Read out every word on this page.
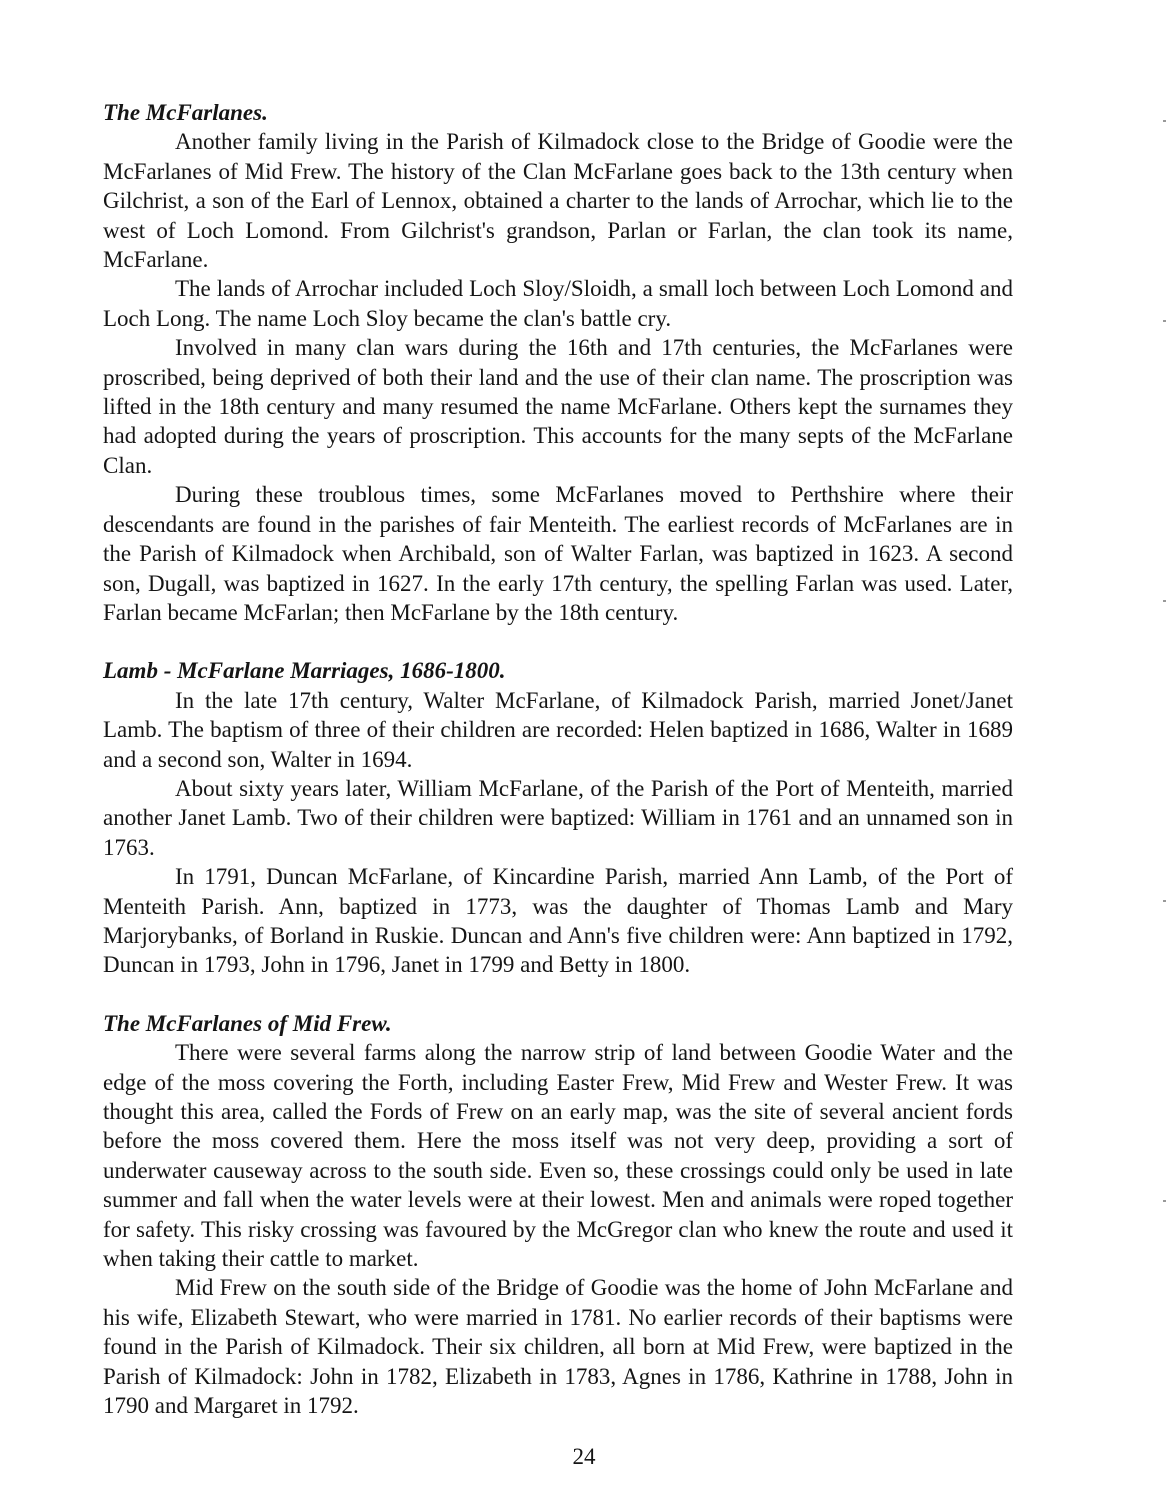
The McFarlanes.

Another family living in the Parish of Kilmadock close to the Bridge of Goodie were the McFarlanes of Mid Frew. The history of the Clan McFarlane goes back to the 13th century when Gilchrist, a son of the Earl of Lennox, obtained a charter to the lands of Arrochar, which lie to the west of Loch Lomond. From Gilchrist's grandson, Parlan or Farlan, the clan took its name, McFarlane.

The lands of Arrochar included Loch Sloy/Sloidh, a small loch between Loch Lomond and Loch Long. The name Loch Sloy became the clan's battle cry.

Involved in many clan wars during the 16th and 17th centuries, the McFarlanes were proscribed, being deprived of both their land and the use of their clan name. The proscription was lifted in the 18th century and many resumed the name McFarlane. Others kept the surnames they had adopted during the years of proscription. This accounts for the many septs of the McFarlane Clan.

During these troublous times, some McFarlanes moved to Perthshire where their descendants are found in the parishes of fair Menteith. The earliest records of McFarlanes are in the Parish of Kilmadock when Archibald, son of Walter Farlan, was baptized in 1623. A second son, Dugall, was baptized in 1627. In the early 17th century, the spelling Farlan was used. Later, Farlan became McFarlan; then McFarlane by the 18th century.

Lamb - McFarlane Marriages, 1686-1800.

In the late 17th century, Walter McFarlane, of Kilmadock Parish, married Jonet/Janet Lamb. The baptism of three of their children are recorded: Helen baptized in 1686, Walter in 1689 and a second son, Walter in 1694.

About sixty years later, William McFarlane, of the Parish of the Port of Menteith, married another Janet Lamb. Two of their children were baptized: William in 1761 and an unnamed son in 1763.

In 1791, Duncan McFarlane, of Kincardine Parish, married Ann Lamb, of the Port of Menteith Parish. Ann, baptized in 1773, was the daughter of Thomas Lamb and Mary Marjorybanks, of Borland in Ruskie. Duncan and Ann's five children were: Ann baptized in 1792, Duncan in 1793, John in 1796, Janet in 1799 and Betty in 1800.

The McFarlanes of Mid Frew.

There were several farms along the narrow strip of land between Goodie Water and the edge of the moss covering the Forth, including Easter Frew, Mid Frew and Wester Frew. It was thought this area, called the Fords of Frew on an early map, was the site of several ancient fords before the moss covered them. Here the moss itself was not very deep, providing a sort of underwater causeway across to the south side. Even so, these crossings could only be used in late summer and fall when the water levels were at their lowest. Men and animals were roped together for safety. This risky crossing was favoured by the McGregor clan who knew the route and used it when taking their cattle to market.

Mid Frew on the south side of the Bridge of Goodie was the home of John McFarlane and his wife, Elizabeth Stewart, who were married in 1781. No earlier records of their baptisms were found in the Parish of Kilmadock. Their six children, all born at Mid Frew, were baptized in the Parish of Kilmadock: John in 1782, Elizabeth in 1783, Agnes in 1786, Kathrine in 1788, John in 1790 and Margaret in 1792.

24
